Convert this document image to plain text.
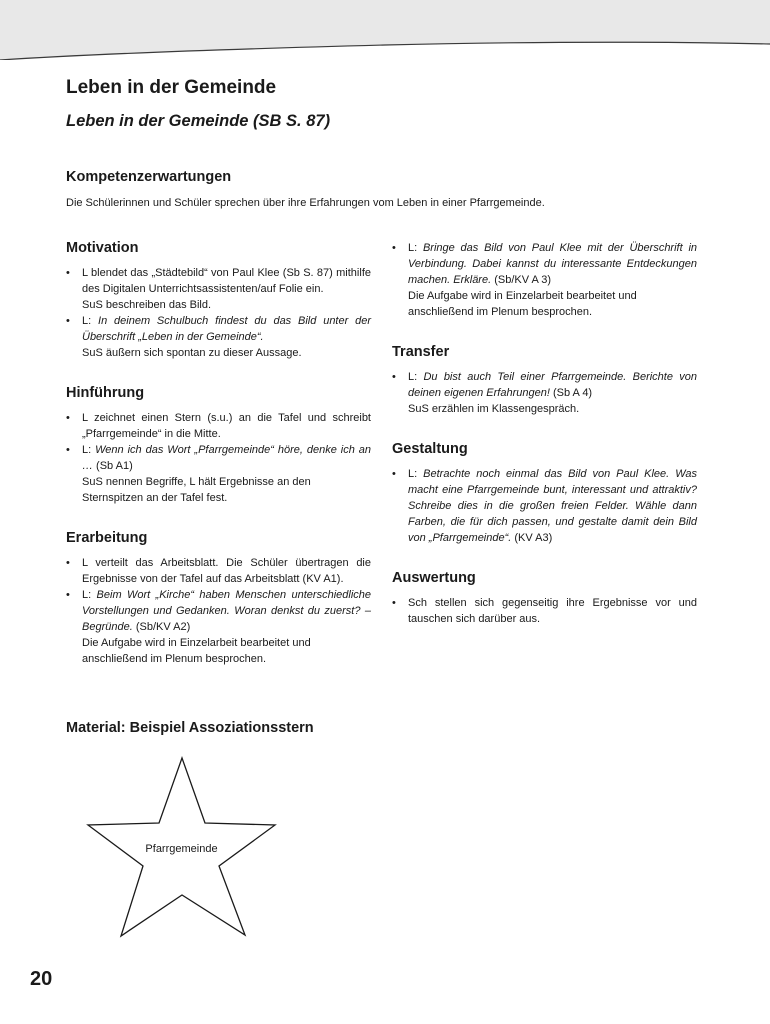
Leben in der Gemeinde
Leben in der Gemeinde (SB S. 87)
Kompetenzerwartungen

Die Schülerinnen und Schüler sprechen über ihre Erfahrungen vom Leben in einer Pfarrgemeinde.

Motivation
• L blendet das „Städtebild“ von Paul Klee (Sb S. 87) mithilfe des Digitalen Unterrichtsassistenten/auf Folie ein.
SuS beschreiben das Bild.
• L: In deinem Schulbuch findest du das Bild unter der Überschrift „Leben in der Gemeinde“.
SuS äußern sich spontan zu dieser Aussage.
Hinführung
• L zeichnet einen Stern (s.u.) an die Tafel und schreibt „Pfarrgemeinde“ in die Mitte.
• L: Wenn ich das Wort „Pfarrgemeinde“ höre, denke ich an … (Sb A1)
SuS nennen Begriffe, L hält Ergebnisse an den Sternspitzen an der Tafel fest.
Erarbeitung
• L verteilt das Arbeitsblatt. Die Schüler übertragen die Ergebnisse von der Tafel auf das Arbeitsblatt (KV A1).
• L: Beim Wort „Kirche“ haben Menschen unterschiedliche Vorstellungen und Gedanken. Woran denkst du zuerst? – Begründe. (Sb/KV A2)
Die Aufgabe wird in Einzelarbeit bearbeitet und anschließend im Plenum besprochen.
• L: Bringe das Bild von Paul Klee mit der Überschrift in Verbindung. Dabei kannst du interessante Entdeckungen machen. Erkläre. (Sb/KV A 3)
Die Aufgabe wird in Einzelarbeit bearbeitet und anschließend im Plenum besprochen.
Transfer
• L: Du bist auch Teil einer Pfarrgemeinde. Berichte von deinen eigenen Erfahrungen! (Sb A 4)
SuS erzählen im Klassengespräch.
Gestaltung
• L: Betrachte noch einmal das Bild von Paul Klee. Was macht eine Pfarrgemeinde bunt, interessant und attraktiv? Schreibe dies in die großen freien Felder. Wähle dann Farben, die für dich passen, und gestalte damit dein Bild von „Pfarrgemeinde“. (KV A3)
Auswertung
• Sch stellen sich gegenseitig ihre Ergebnisse vor und tauschen sich darüber aus.
Material: Beispiel Assoziationsstern
Pfarrgemeinde

20
